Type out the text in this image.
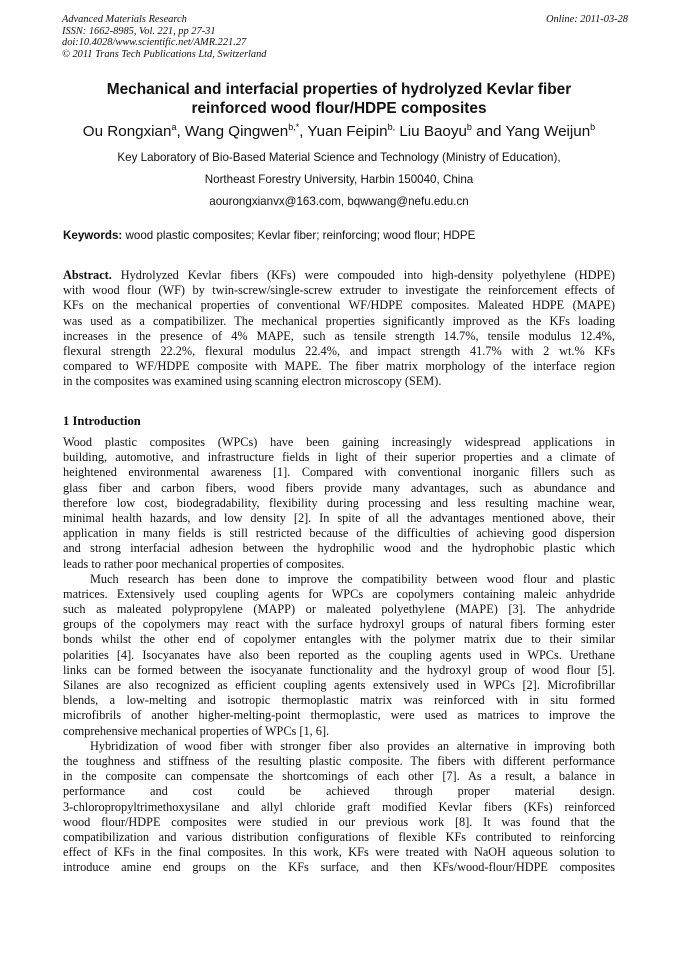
Advanced Materials Research
ISSN: 1662-8985, Vol. 221, pp 27-31
doi:10.4028/www.scientific.net/AMR.221.27
© 2011 Trans Tech Publications Ltd, Switzerland
Online: 2011-03-28
Mechanical and interfacial properties of hydrolyzed Kevlar fiber
reinforced wood flour/HDPE composites
Ou Rongxian$^a$, Wang Qingwen$^{b,*}$, Yuan Feipin$^{b,}$ Liu Baoyu$^b$ and Yang Weijun$^b$
Key Laboratory of Bio-Based Material Science and Technology (Ministry of Education),
Northeast Forestry University, Harbin 150040, China
aourongxianvx@163.com, bqwwang@nefu.edu.cn
Keywords: wood plastic composites; Kevlar fiber; reinforcing; wood flour; HDPE
Abstract. Hydrolyzed Kevlar fibers (KFs) were compouded into high-density polyethylene (HDPE)
with wood flour (WF) by twin-screw/single-screw extruder to investigate the reinforcement effects of
KFs on the mechanical properties of conventional WF/HDPE composites. Maleated HDPE (MAPE)
was used as a compatibilizer. The mechanical properties significantly improved as the KFs loading
increases in the presence of 4% MAPE, such as tensile strength 14.7%, tensile modulus 12.4%,
flexural strength 22.2%, flexural modulus 22.4%, and impact strength 41.7% with 2 wt.% KFs
compared to WF/HDPE composite with MAPE. The fiber matrix morphology of the interface region
in the composites was examined using scanning electron microscopy (SEM).
1 Introduction
Wood plastic composites (WPCs) have been gaining increasingly widespread applications in
building, automotive, and infrastructure fields in light of their superior properties and a climate of
heightened environmental awareness [1]. Compared with conventional inorganic fillers such as
glass fiber and carbon fibers, wood fibers provide many advantages, such as abundance and
therefore low cost, biodegradability, flexibility during processing and less resulting machine wear,
minimal health hazards, and low density [2]. In spite of all the advantages mentioned above, their
application in many fields is still restricted because of the difficulties of achieving good dispersion
and strong interfacial adhesion between the hydrophilic wood and the hydrophobic plastic which
leads to rather poor mechanical properties of composites.
Much research has been done to improve the compatibility between wood flour and plastic
matrices. Extensively used coupling agents for WPCs are copolymers containing maleic anhydride
such as maleated polypropylene (MAPP) or maleated polyethylene (MAPE) [3]. The anhydride
groups of the copolymers may react with the surface hydroxyl groups of natural fibers forming ester
bonds whilst the other end of copolymer entangles with the polymer matrix due to their similar
polarities [4]. Isocyanates have also been reported as the coupling agents used in WPCs. Urethane
links can be formed between the isocyanate functionality and the hydroxyl group of wood flour [5].
Silanes are also recognized as efficient coupling agents extensively used in WPCs [2]. Microfibrillar
blends, a low-melting and isotropic thermoplastic matrix was reinforced with in situ formed
microfibrils of another higher-melting-point thermoplastic, were used as matrices to improve the
comprehensive mechanical properties of WPCs [1, 6].
Hybridization of wood fiber with stronger fiber also provides an alternative in improving both
the toughness and stiffness of the resulting plastic composite. The fibers with different performance
in the composite can compensate the shortcomings of each other [7]. As a result, a balance in
performance and cost could be achieved through proper material design.
3-chloropropyltrimethoxysilane and allyl chloride graft modified Kevlar fibers (KFs) reinforced
wood flour/HDPE composites were studied in our previous work [8]. It was found that the
compatibilization and various distribution configurations of flexible KFs contributed to reinforcing
effect of KFs in the final composites. In this work, KFs were treated with NaOH aqueous solution to
introduce amine end groups on the KFs surface, and then KFs/wood-flour/HDPE composites
